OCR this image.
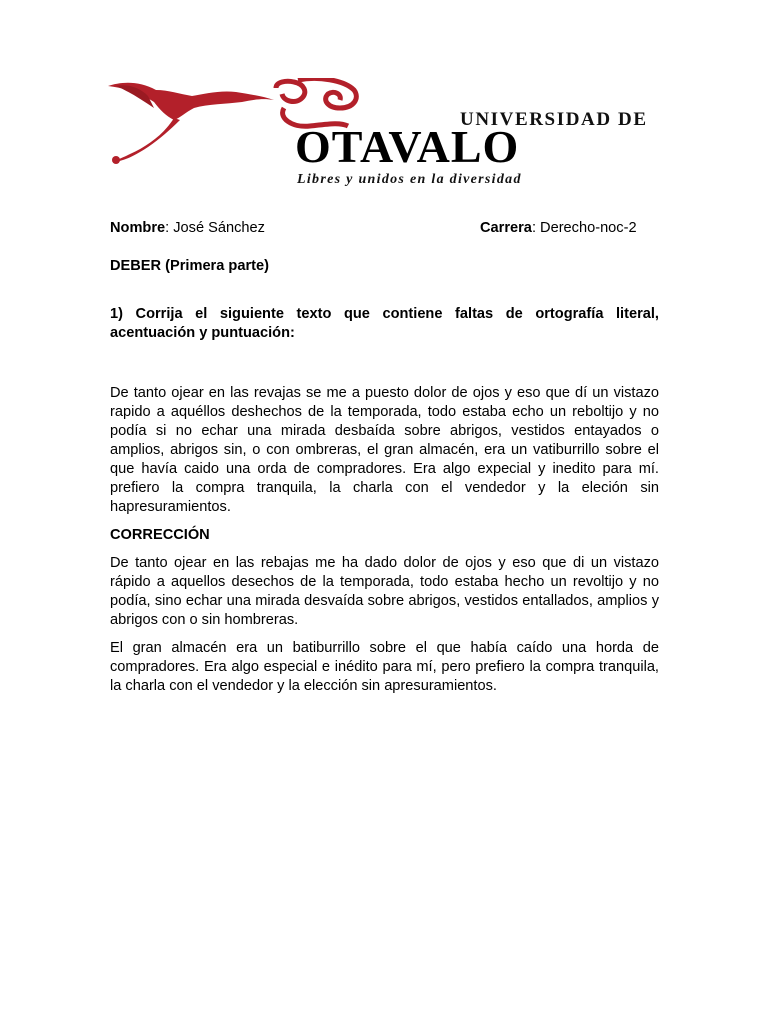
UNIVERSIDAD DE
OTAVALO
Libres y unidos en la diversidad
Nombre: José Sánchez	Carrera: Derecho-noc-2

DEBER (Primera parte)

1) Corrija el siguiente texto que contiene faltas de ortografía literal, acentuación y puntuación:

De tanto ojear en las revajas se me a puesto dolor de ojos y eso que dí un vistazo rapido a aquéllos deshechos de la temporada, todo estaba echo un reboltijo y no podía si no echar una mirada desbaída sobre abrigos, vestidos entayados o amplios, abrigos sin, o con ombreras, el gran almacén, era un vatiburrillo sobre el que havía caido una orda de compradores. Era algo expecial y inedito para mí. prefiero la compra tranquila, la charla con el vendedor y la eleción sin hapresuramientos.

CORRECCIÓN

De tanto ojear en las rebajas me ha dado dolor de ojos y eso que di un vistazo rápido a aquellos desechos de la temporada, todo estaba hecho un revoltijo y no podía, sino echar una mirada desvaída sobre abrigos, vestidos entallados, amplios y abrigos con o sin hombreras.

El gran almacén era un batiburrillo sobre el que había caído una horda de compradores. Era algo especial e inédito para mí, pero prefiero la compra tranquila, la charla con el vendedor y la elección sin apresuramientos.
